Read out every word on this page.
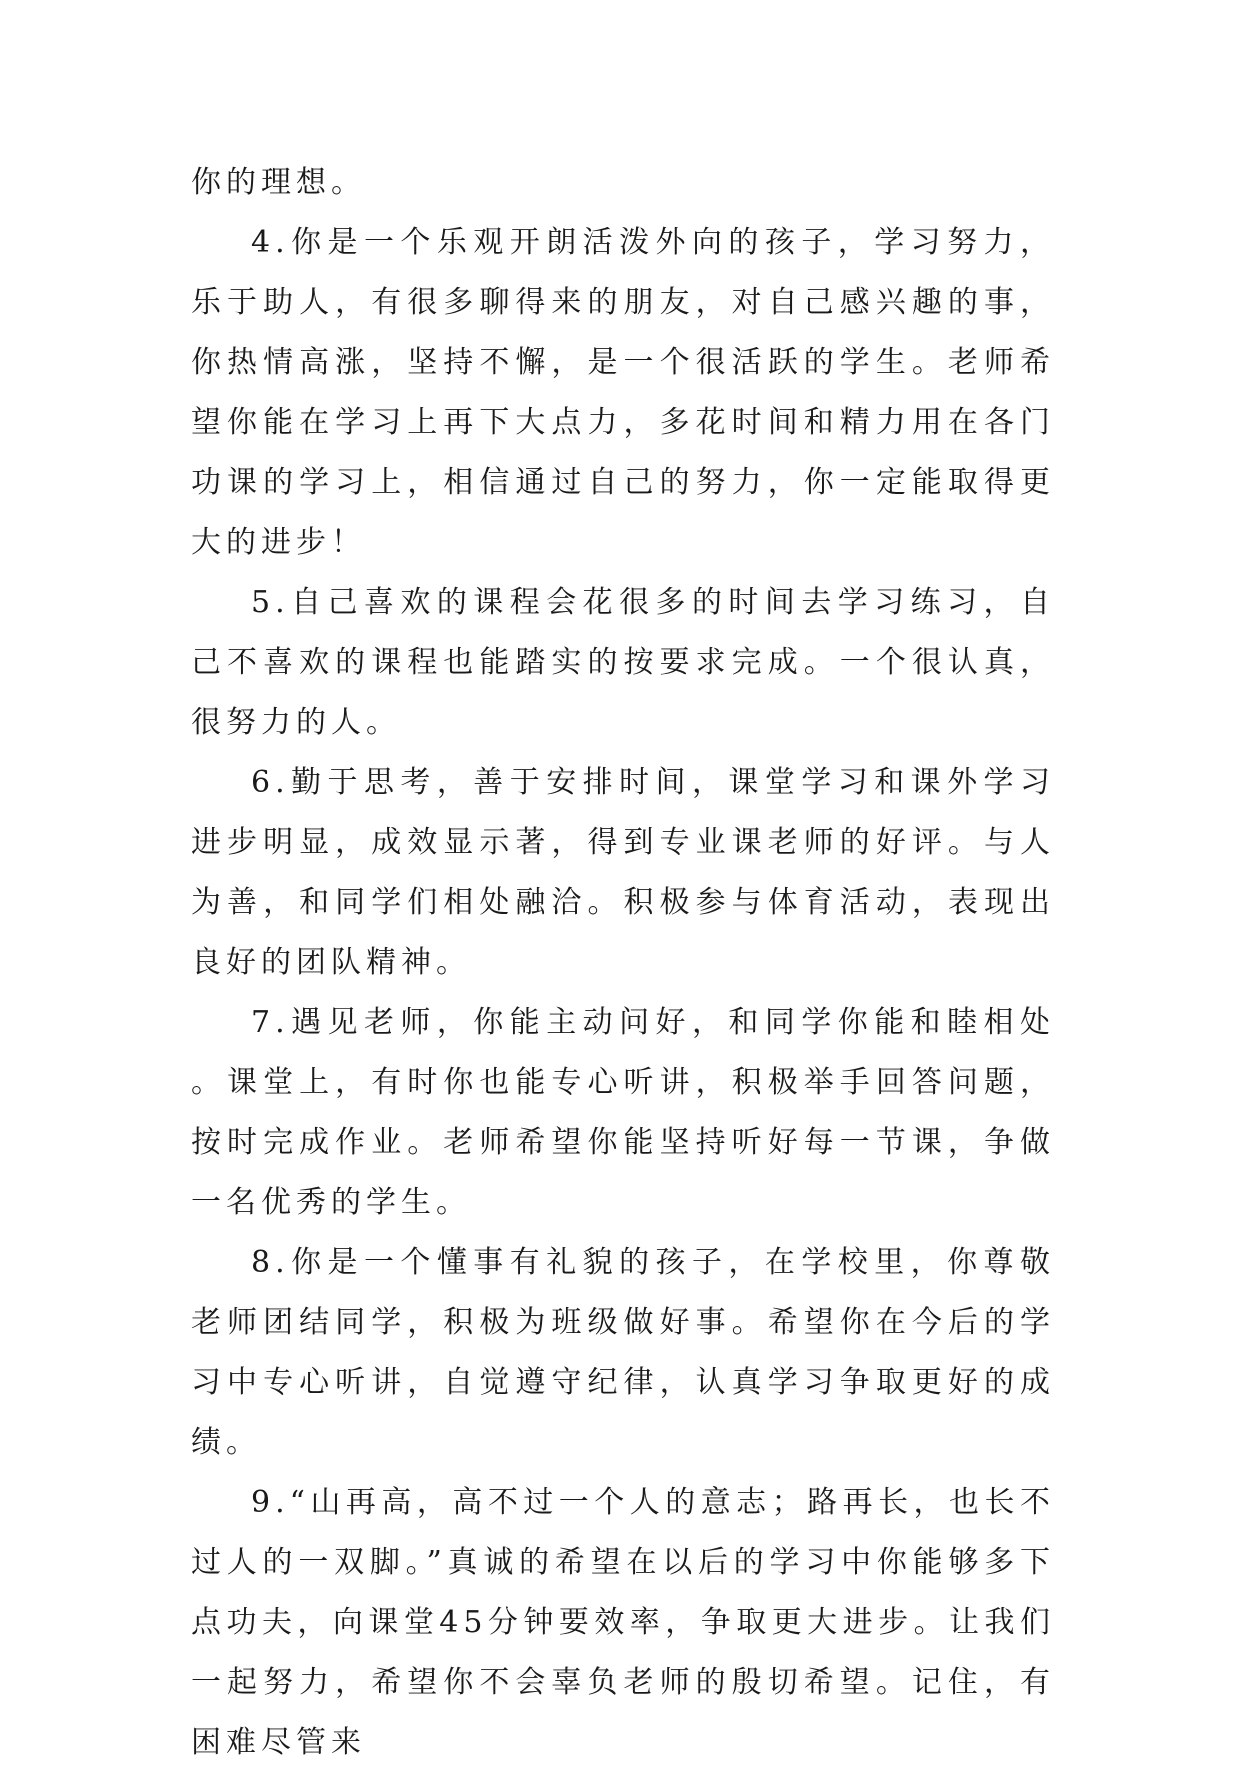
你的理想。

4.你是一个乐观开朗活泼外向的孩子，学习努力，乐于助人，有很多聊得来的朋友，对自己感兴趣的事，你热情高涨，坚持不懈，是一个很活跃的学生。老师希望你能在学习上再下大点力，多花时间和精力用在各门功课的学习上，相信通过自己的努力，你一定能取得更大的进步！

5.自己喜欢的课程会花很多的时间去学习练习，自己不喜欢的课程也能踏实的按要求完成。一个很认真，很努力的人。

6.勤于思考，善于安排时间，课堂学习和课外学习进步明显，成效显示著，得到专业课老师的好评。与人为善，和同学们相处融洽。积极参与体育活动，表现出良好的团队精神。

7.遇见老师，你能主动问好，和同学你能和睦相处。课堂上，有时你也能专心听讲，积极举手回答问题，按时完成作业。老师希望你能坚持听好每一节课，争做一名优秀的学生。

8.你是一个懂事有礼貌的孩子，在学校里，你尊敬老师团结同学，积极为班级做好事。希望你在今后的学习中专心听讲，自觉遵守纪律，认真学习争取更好的成绩。

9.“山再高，高不过一个人的意志；路再长，也长不过人的一双脚。”真诚的希望在以后的学习中你能够多下点功夫，向课堂45分钟要效率，争取更大进步。让我们一起努力，希望你不会辜负老师的殷切希望。记住，有困难尽管来
